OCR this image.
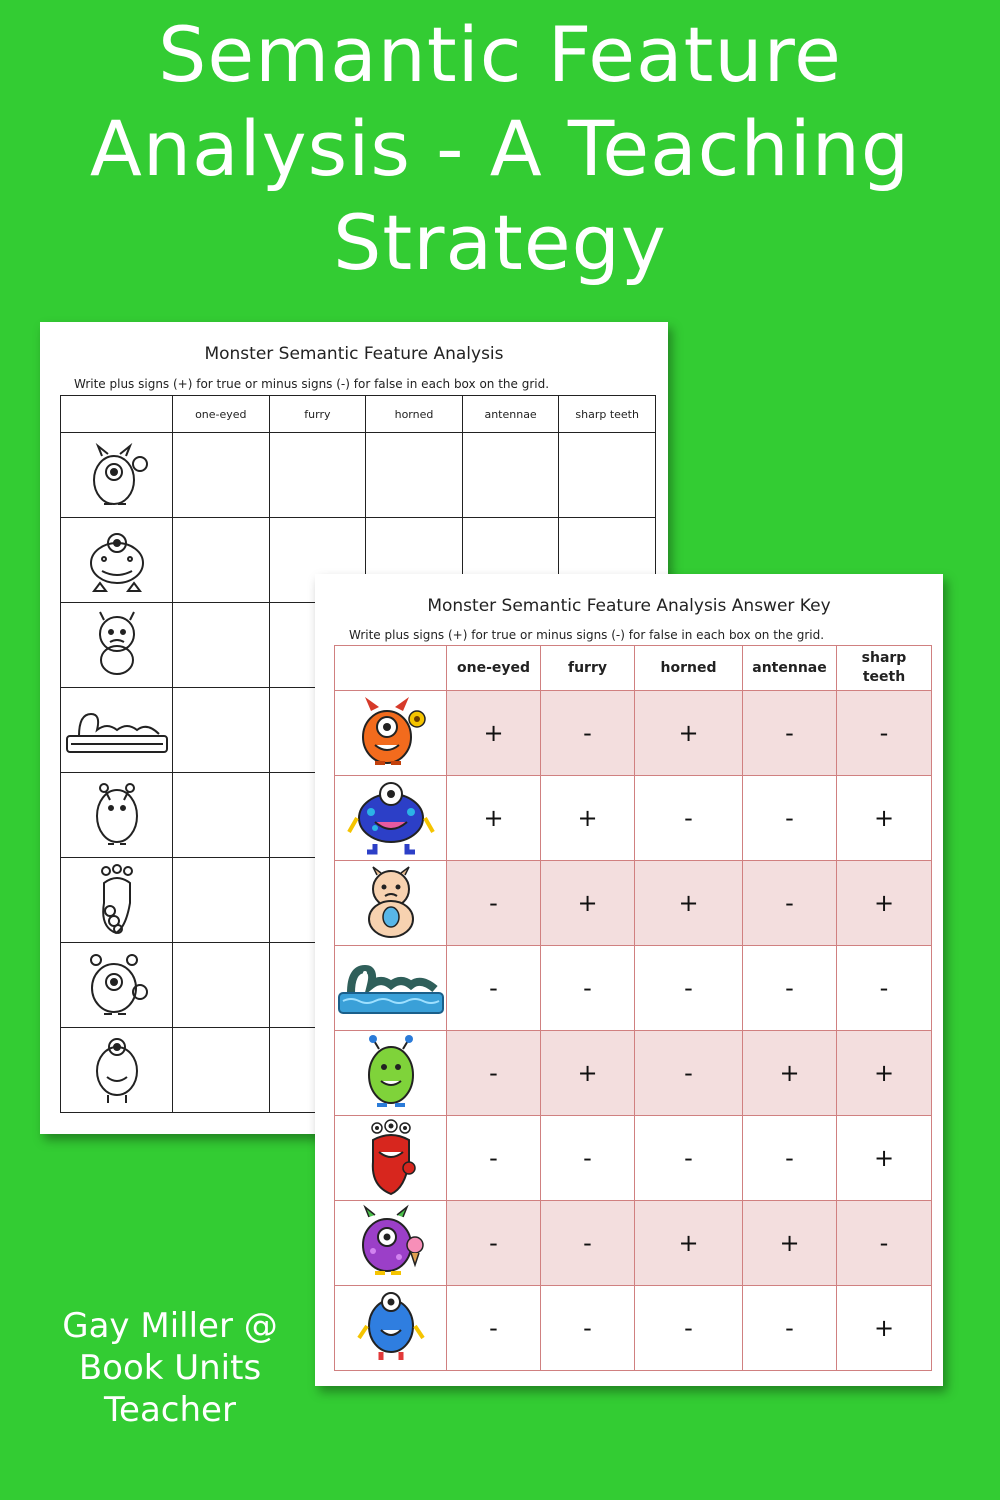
Semantic Feature
Analysis - A Teaching
Strategy
Monster Semantic Feature Analysis
Write plus signs (+) for true or minus signs (-) for false in each box on the grid.
	one-eyed	furry	horned	antennae	sharp teeth

Monster Semantic Feature Analysis Answer Key
Write plus signs (+) for true or minus signs (-) for false in each box on the grid.
	one-eyed	furry	horned	antennae	sharp teeth

	+	-	+	-	-

	+	+	-	-	+

	-	+	+	-	+

	-	-	-	-	-

	-	+	-	+	+

	-	-	-	-	+

	-	-	+	+	-

	-	-	-	-	+
Gay Miller @
Book Units
Teacher
